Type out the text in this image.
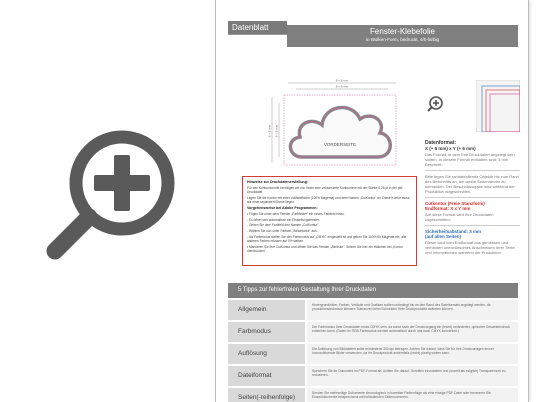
Datenblatt	Fenster-Klebefolie
in Wolken-Form, bedruckt, 4/0-farbig
8 × 8 mm
8 × 8 mm
8 × 8 mm 8 × 8 mm
VORDERSEITE	Datenformat:
X (+ 6 mm) x Y (+ 6 mm)
Das Format, in dem Ihre Druckdaten angelegt sein sollten. In diesem Format enthalten sind: 3 mm Beschnitt.
Bitte legen Sie randabfallende Objekte bis zum Rand des Beschnitts an, um weiße Seitenränder zu vermeiden. Der Beschnittzugabe wird während der Produktion abgeschnitten.
Cutkontur (Freie Stanzform)
Endformat: X x Y mm
Auf diese Format wird Ihre Druckdaten zugeschnitten.
Sicherheitsabstand: 3 mm
(auf allen Seiten)
Dieser wird vom Endformat aus gemessen und verhindert unerwünschtes Anschneiden Ihrer Texte und Informationen während der Produktion.

Hinweise zur Druckdatenerstellung:

Für den Kontourschnitt benötigen wir von Ihnen eine vektorisierte Kontourlinie mit der Stärke 0,25 pt in der pdf-Druckdatei.

Legen Sie die Kontur mit einer Vollfarbfläche (100% Magenta) und dem Namen „CutKontur" an. Diese Kontur muss auf einer separaten Ebene liegen.

Vorgehensweise bei Adobe Programmen:

• Fügen Sie unter dem Fenster „Farbfelder" ein neues Farbfeld hinzu.

- Es öffnet sich automatisch ein Einstellungsfenster.

- Geben Sie dem Farbfeld den Namen „CutKontur".

- Wählen Sie nun unter Farbart „Volltonfarbe" aus.

- Als Farbmodus stellen Sie den Farbmodus auf „CMYK" eingestellt ist und geben Sie 100% für Magenta ein, alle anderen Farben müssen auf 0% stehen.

• Markieren Sie Ihre CutKontur und öffnen Sie das Fenster „Attribute". Setzen Sie hier ein Häkchen bei „Kontur überdrucken".

5 Tipps zur fehlerfreien Gestaltung Ihrer Druckdaten
Allgemein
Hintergrundbilder, Farben, Verläufe und Grafiken sollten unbedingt bis an den Rand des Dateiformats angelegt werden, da produktionstechnisch kleinere Toleranzen beim Schneiden Ihrer Druckprodukte auftreten können.
Farbmodus
Der Farbmodus Ihrer Druckdaten muss CMYK sein, da sonst nach der Druckvorgang ein (leicht) veränderter, optischer Gesamteindruck entstehen kann. (Daten im RGB-Farbmodus werden automatisch durch uns nach CMYK konvertiert.)
Auflösung
Die Auflösung von Bilddateien sollte mindestens 300 dpi betragen. Achten Sie darauf, dass Sie für Ihre Druckvorlagen immer hochauflösende Bilder verwenden, da Ihr Druckprodukt andernfalls (leicht) pixelig wirken kann.
Dateiformat
Speichern Sie Ihr Dokument im PDF-Format ab. Achten Sie darauf, Schriften einzubetten und (soweit als möglich) Transparenzen zu reduzieren.
Seiten(-reihenfolge)
Senden Sie mehrseitige Dokumente chronologisch in korrekter Reihenfolge als eine einzige PDF-Datei oder benennen Sie Einzeldokumente entsprechend mit fortlaufenden Seitennummern.
